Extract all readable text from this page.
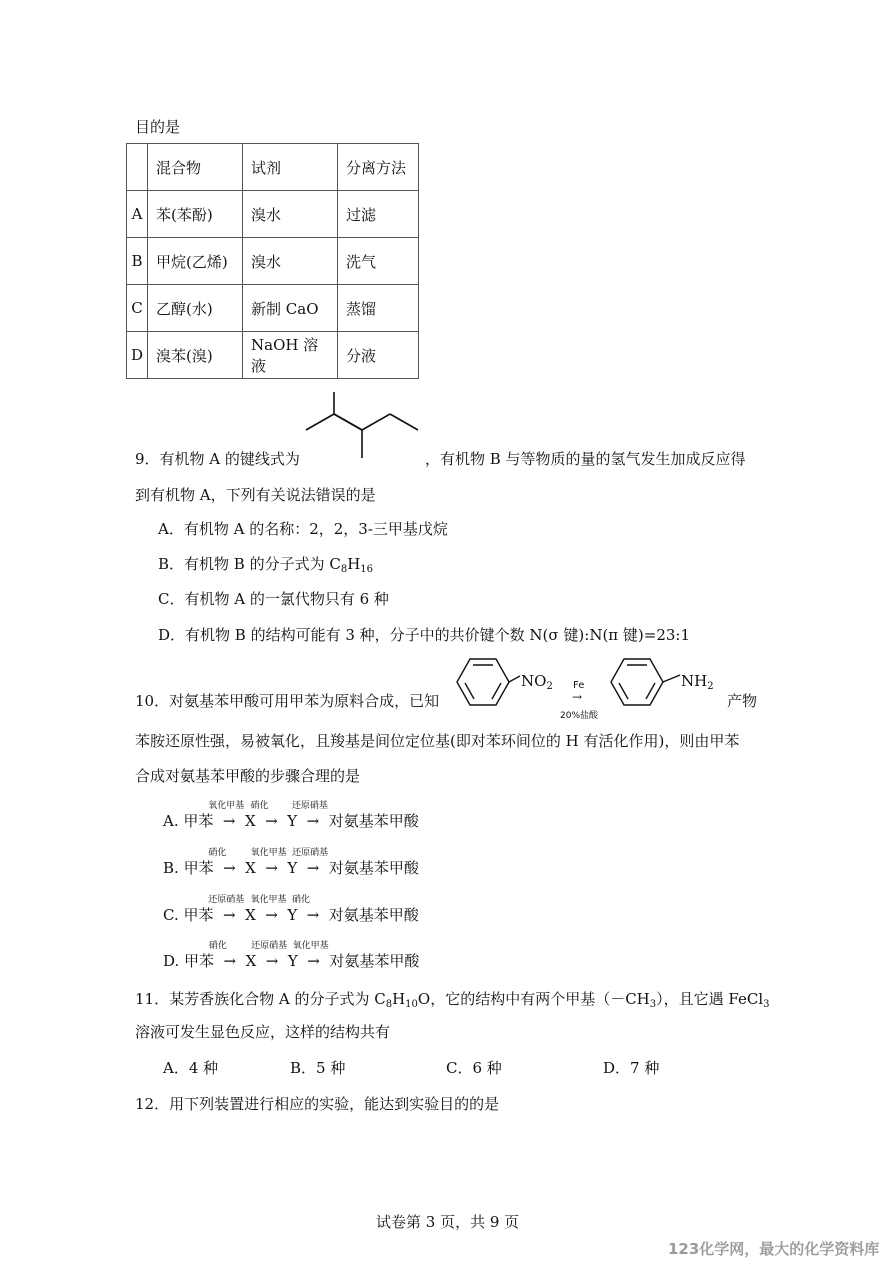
目的是
	混合物	试剂	分离方法
A	苯(苯酚)	溴水	过滤
B	甲烷(乙烯)	溴水	洗气
C	乙醇(水)	新制 CaO	蒸馏
D	溴苯(溴)	NaOH 溶液	分液
9．有机物 A 的键线式为	，有机物 B 与等物质的量的氢气发生加成反应得
到有机物 A，下列有关说法错误的是
A．有机物 A 的名称：2，2，3-三甲基戊烷
B．有机物 B 的分子式为 $C_8H_{16}$
C．有机物 A 的一氯代物只有 6 种
D．有机物 B 的结构可能有 3 种，分子中的共价键个数 N(σ 键):N(π 键)=23:1
10．对氨基苯甲酸可用甲苯为原料合成，已知
$NO_2$ Fe
→
20%盐酸
$NH_2$
产物
苯胺还原性强，易被氧化，且羧基是间位定位基(即对苯环间位的 H 有活化作用)，则由甲苯
合成对氨基苯甲酸的步骤合理的是
A. 甲苯
氧化甲基
→ X
硝化
→ Y
还原硝基
→ 对氨基苯甲酸
B. 甲苯
硝化
→ X
氧化甲基
→ Y
还原硝基
→ 对氨基苯甲酸
C. 甲苯
还原硝基
→ X
氧化甲基
→ Y
硝化
→ 对氨基苯甲酸
D. 甲苯
硝化
→ X
还原硝基
→ Y
氧化甲基
→ 对氨基苯甲酸
11．某芳香族化合物 A 的分子式为 $C_8H_{10}O$，它的结构中有两个甲基$(-CH_3)$，且它遇 FeCl$_3$
溶液可发生显色反应，这样的结构共有
A．4 种	B．5 种	C．6 种	D．7 种
12．用下列装置进行相应的实验，能达到实验目的的是
试卷第 3 页，共 9 页
123化学网，最大的化学资料库
